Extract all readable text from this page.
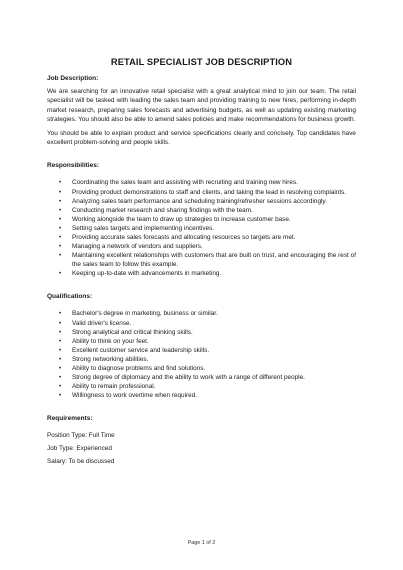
RETAIL SPECIALIST JOB DESCRIPTION

Job Description:

We are searching for an innovative retail specialist with a great analytical mind to join our team. The retail specialist will be tasked with leading the sales team and providing training to new hires, performing in-depth market research, preparing sales forecasts and advertising budgets, as well as updating existing marketing strategies. You should also be able to amend sales policies and make recommendations for business growth.

You should be able to explain product and service specifications clearly and concisely. Top candidates have excellent problem-solving and people skills.

Responsibilities:

• Coordinating the sales team and assisting with recruiting and training new hires.
• Providing product demonstrations to staff and clients, and taking the lead in resolving complaints.
• Analyzing sales team performance and scheduling training/refresher sessions accordingly.
• Conducting market research and sharing findings with the team.
• Working alongside the team to draw up strategies to increase customer base.
• Setting sales targets and implementing incentives.
• Providing accurate sales forecasts and allocating resources so targets are met.
• Managing a network of vendors and suppliers.
• Maintaining excellent relationships with customers that are built on trust, and encouraging the rest of the sales team to follow this example.
• Keeping up-to-date with advancements in marketing.

Qualifications:

• Bachelor's degree in marketing, business or similar.
• Valid driver's license.
• Strong analytical and critical thinking skills.
• Ability to think on your feet.
• Excellent customer service and leadership skills.
• Strong networking abilities.
• Ability to diagnose problems and find solutions.
• Strong degree of diplomacy and the ability to work with a range of different people.
• Ability to remain professional.
• Willingness to work overtime when required.

Requirements:

Position Type: Full Time

Job Type: Experienced

Salary: To be discussed

Page 1 of 2
